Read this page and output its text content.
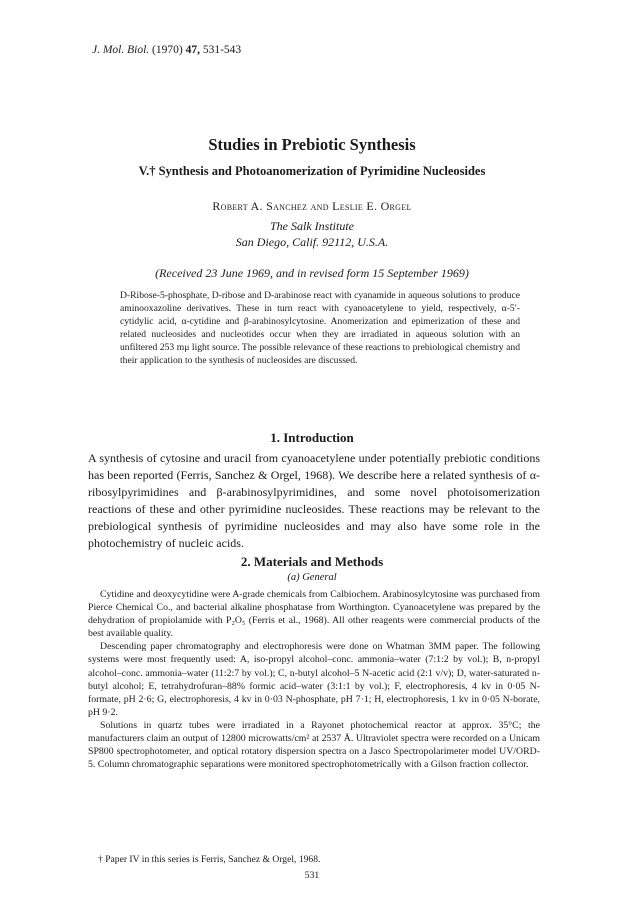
J. Mol. Biol. (1970) 47, 531-543
Studies in Prebiotic Synthesis
V.† Synthesis and Photoanomerization of Pyrimidine Nucleosides
Robert A. Sanchez and Leslie E. Orgel
The Salk Institute
San Diego, Calif. 92112, U.S.A.
(Received 23 June 1969, and in revised form 15 September 1969)

D-Ribose-5-phosphate, D-ribose and D-arabinose react with cyanamide in aqueous solutions to produce aminooxazoline derivatives. These in turn react with cyanoacetylene to yield, respectively, α-5′-cytidylic acid, α-cytidine and β-arabinosylcytosine. Anomerization and epimerization of these and related nucleosides and nucleotides occur when they are irradiated in aqueous solution with an unfiltered 253 mμ light source. The possible relevance of these reactions to prebiological chemistry and their application to the synthesis of nucleosides are discussed.

1. Introduction

A synthesis of cytosine and uracil from cyanoacetylene under potentially prebiotic conditions has been reported (Ferris, Sanchez & Orgel, 1968). We describe here a related synthesis of α-ribosylpyrimidines and β-arabinosylpyrimidines, and some novel photoisomerization reactions of these and other pyrimidine nucleosides. These reactions may be relevant to the prebiological synthesis of pyrimidine nucleosides and may also have some role in the photochemistry of nucleic acids.

2. Materials and Methods
(a) General

Cytidine and deoxycytidine were A-grade chemicals from Calbiochem. Arabinosylcytosine was purchased from Pierce Chemical Co., and bacterial alkaline phosphatase from Worthington. Cyanoacetylene was prepared by the dehydration of propiolamide with P₂O₅ (Ferris et al., 1968). All other reagents were commercial products of the best available quality.

Descending paper chromatography and electrophoresis were done on Whatman 3MM paper. The following systems were most frequently used: A, iso-propyl alcohol–conc. ammonia–water (7:1:2 by vol.); B, n-propyl alcohol–conc. ammonia–water (11:2:7 by vol.); C, n-butyl alcohol–5 N-acetic acid (2:1 v/v); D, water-saturated n-butyl alcohol; E, tetrahydrofuran–88% formic acid–water (3:1:1 by vol.); F, electrophoresis, 4 kv in 0·05 N-formate, pH 2·6; G, electrophoresis, 4 kv in 0·03 N-phosphate, pH 7·1; H, electrophoresis, 1 kv in 0·05 N-borate, pH 9·2.

Solutions in quartz tubes were irradiated in a Rayonet photochemical reactor at approx. 35°C; the manufacturers claim an output of 12800 microwatts/cm² at 2537 Å. Ultraviolet spectra were recorded on a Unicam SP800 spectrophotometer, and optical rotatory dispersion spectra on a Jasco Spectropolarimeter model UV/ORD-5. Column chromatographic separations were monitored spectrophotometrically with a Gilson fraction collector.

† Paper IV in this series is Ferris, Sanchez & Orgel, 1968.
531
